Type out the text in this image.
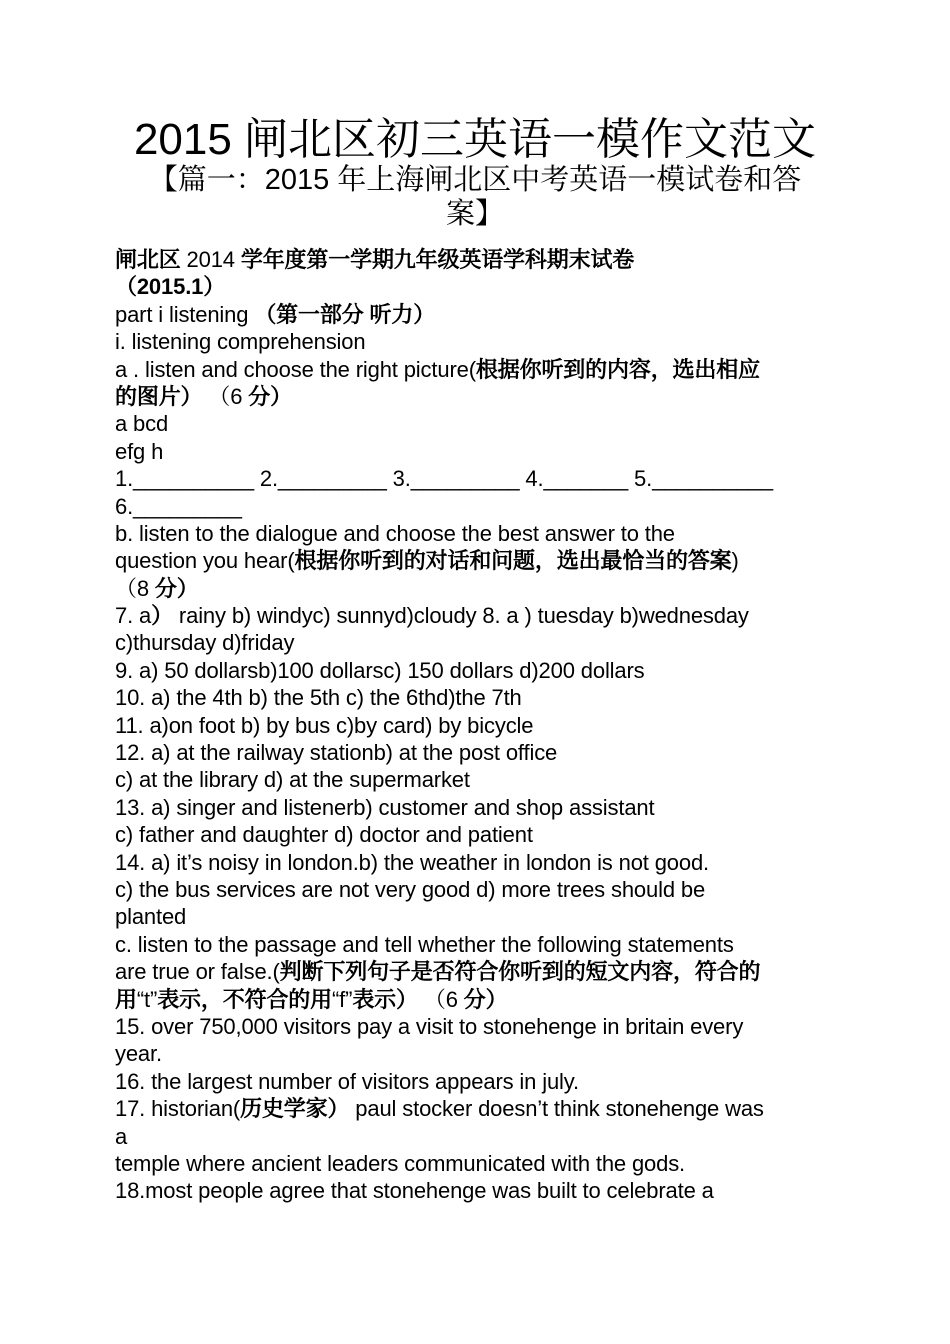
2015 闸北区初三英语一模作文范文
【篇一：2015 年上海闸北区中考英语一模试卷和答
案】
闸北区 2014 学年度第一学期九年级英语学科期末试卷
（2015.1）
part i listening （第一部分 听力）
i. listening comprehension
a . listen and choose the right picture(根据你听到的内容，选出相应
的图片） （6 分）
a bcd
efg h
1.__________ 2._________ 3._________ 4._______ 5.__________
6._________
b. listen to the dialogue and choose the best answer to the
question you hear(根据你听到的对话和问题，选出最恰当的答案)
（8 分）
7. a） rainy b) windyc) sunnyd)cloudy 8. a ) tuesday b)wednesday
c)thursday d)friday
9. a) 50 dollarsb)100 dollarsc) 150 dollars d)200 dollars
10. a) the 4th b) the 5th c) the 6thd)the 7th
11. a)on foot b) by bus c)by card) by bicycle
12. a) at the railway stationb) at the post office
c) at the library d) at the supermarket
13. a) singer and listenerb) customer and shop assistant
c) father and daughter d) doctor and patient
14. a) it’s noisy in london.b) the weather in london is not good.
c) the bus services are not very good d) more trees should be
planted
c. listen to the passage and tell whether the following statements
are true or false.(判断下列句子是否符合你听到的短文内容，符合的
用“t”表示，不符合的用“f”表示） （6 分）
15. over 750,000 visitors pay a visit to stonehenge in britain every
year.
16. the largest number of visitors appears in july.
17. historian(历史学家） paul stocker doesn’t think stonehenge was
a
temple where ancient leaders communicated with the gods.
18.most people agree that stonehenge was built to celebrate a
